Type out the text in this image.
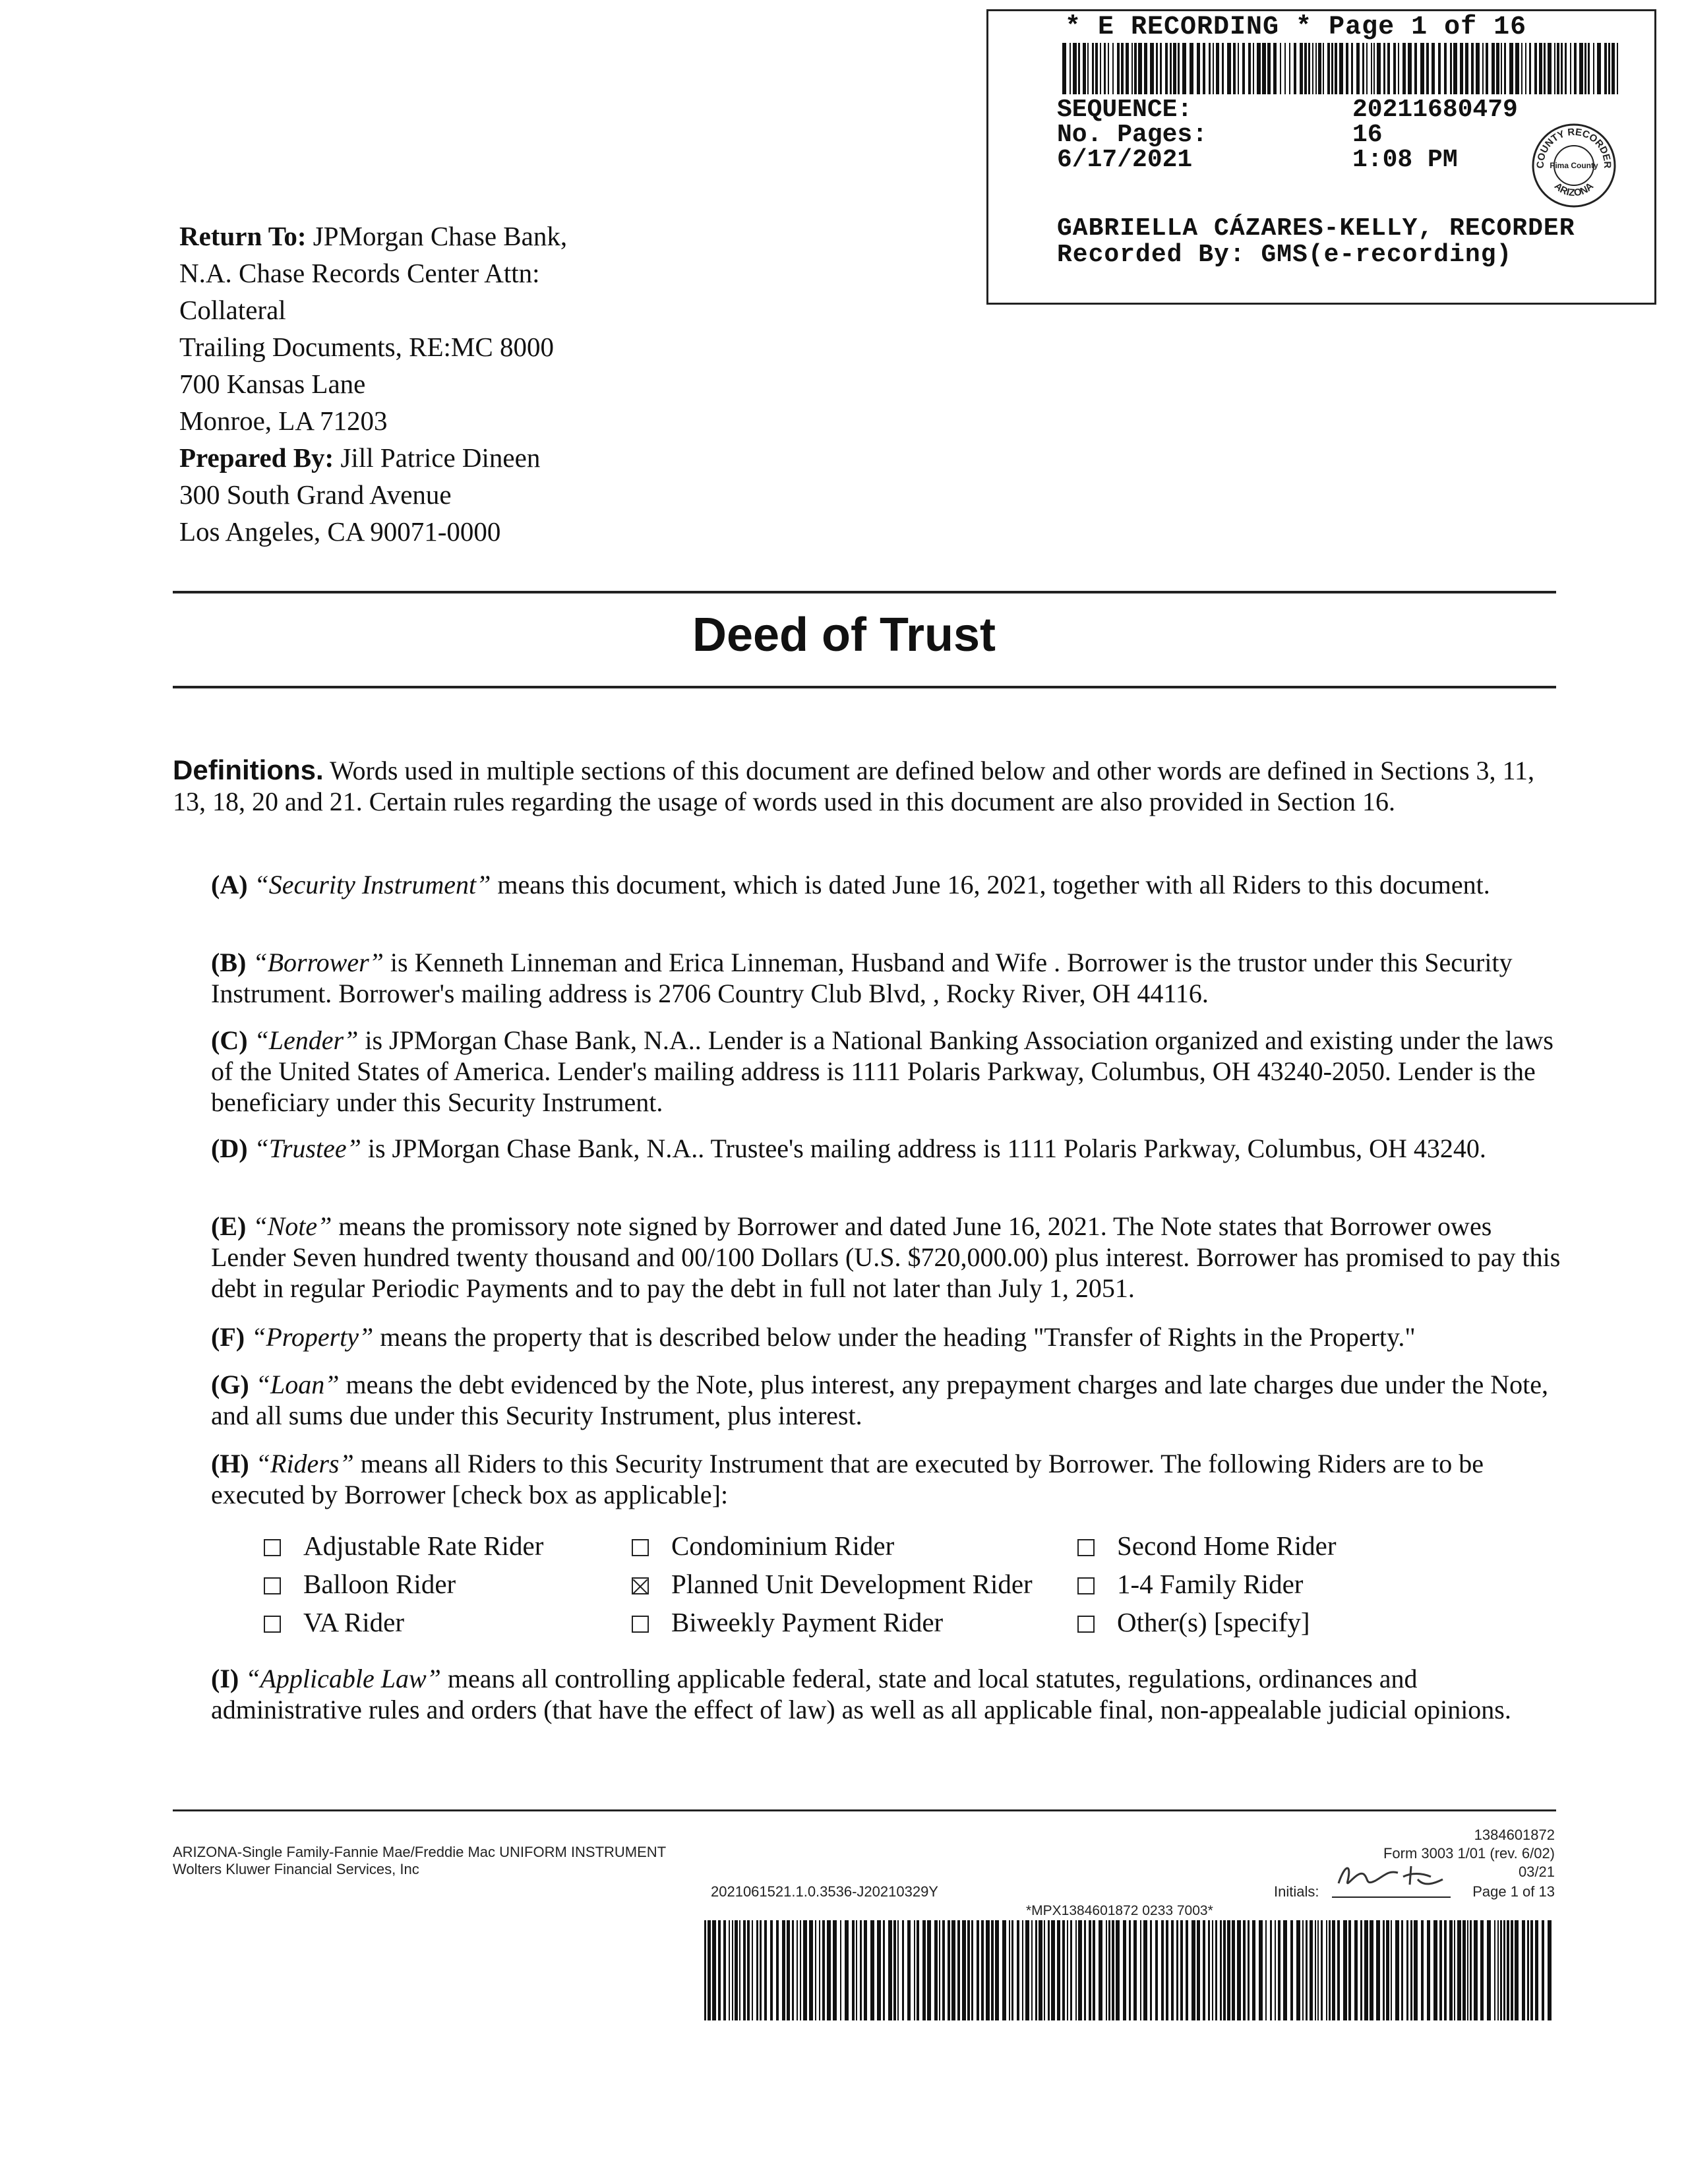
* E RECORDING * Page 1 of 16
SEQUENCE:	20211680479
No. Pages:	16
6/17/2021	1:08 PM	COUNTY RECORDER
Pima County
ARIZONA
GABRIELLA CÁZARES-KELLY, RECORDER
Recorded By: GMS(e-recording)
Return To: JPMorgan Chase Bank,
N.A. Chase Records Center Attn:
Collateral
Trailing Documents, RE:MC 8000
700 Kansas Lane
Monroe, LA 71203
Prepared By: Jill Patrice Dineen
300 South Grand Avenue
Los Angeles, CA 90071-0000
Deed of Trust
Definitions. Words used in multiple sections of this document are defined below and other words are defined in Sections 3, 11, 13, 18, 20 and 21. Certain rules regarding the usage of words used in this document are also provided in Section 16.
(A) “Security Instrument” means this document, which is dated June 16, 2021, together with all Riders to this document.
(B) “Borrower” is Kenneth Linneman and Erica Linneman, Husband and Wife . Borrower is the trustor under this Security Instrument. Borrower's mailing address is 2706 Country Club Blvd, , Rocky River, OH 44116.
(C) “Lender” is JPMorgan Chase Bank, N.A.. Lender is a National Banking Association organized and existing under the laws of the United States of America. Lender's mailing address is 1111 Polaris Parkway, Columbus, OH 43240-2050. Lender is the beneficiary under this Security Instrument.
(D) “Trustee” is JPMorgan Chase Bank, N.A.. Trustee's mailing address is 1111 Polaris Parkway, Columbus, OH 43240.
(E) “Note” means the promissory note signed by Borrower and dated June 16, 2021. The Note states that Borrower owes Lender Seven hundred twenty thousand and 00/100 Dollars (U.S. $720,000.00) plus interest. Borrower has promised to pay this debt in regular Periodic Payments and to pay the debt in full not later than July 1, 2051.
(F) “Property” means the property that is described below under the heading "Transfer of Rights in the Property."
(G) “Loan” means the debt evidenced by the Note, plus interest, any prepayment charges and late charges due under the Note, and all sums due under this Security Instrument, plus interest.
(H) “Riders” means all Riders to this Security Instrument that are executed by Borrower. The following Riders are to be executed by Borrower [check box as applicable]:
Adjustable Rate Rider	Condominium Rider	Second Home Rider
Balloon Rider	Planned Unit Development Rider	1-4 Family Rider
VA Rider	Biweekly Payment Rider	Other(s) [specify]
(I) “Applicable Law” means all controlling applicable federal, state and local statutes, regulations, ordinances and administrative rules and orders (that have the effect of law) as well as all applicable final, non-appealable judicial opinions.
ARIZONA-Single Family-Fannie Mae/Freddie Mac UNIFORM INSTRUMENT
Wolters Kluwer Financial Services, Inc
2021061521.1.0.3536-J20210329Y
1384601872
Form 3003 1/01 (rev. 6/02)
03/21
Initials:	Page 1 of 13
*MPX1384601872 0233 7003*
